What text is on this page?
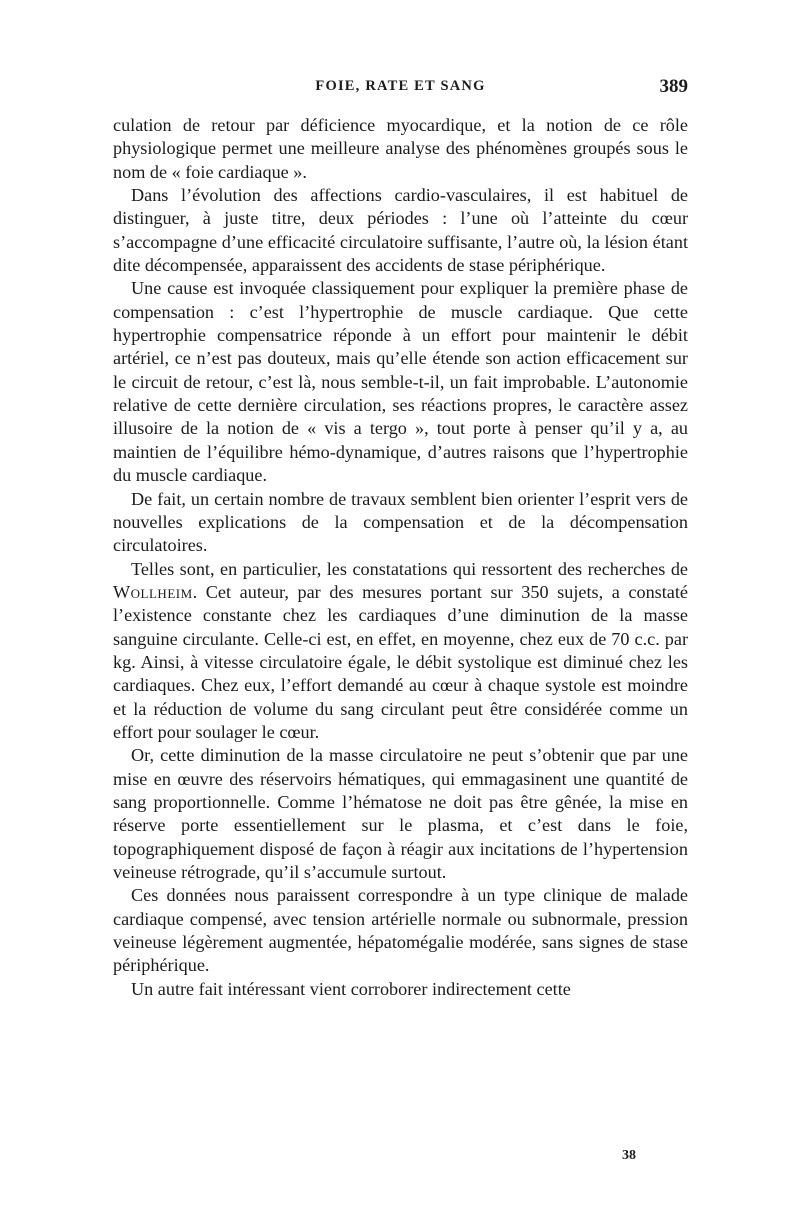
FOIE, RATE ET SANG	389

culation de retour par déficience myocardique, et la notion de ce rôle physiologique permet une meilleure analyse des phénomènes groupés sous le nom de « foie cardiaque ».

Dans l’évolution des affections cardio-vasculaires, il est habituel de distinguer, à juste titre, deux périodes : l’une où l’atteinte du cœur s’accompagne d’une efficacité circulatoire suffisante, l’autre où, la lésion étant dite décompensée, apparaissent des accidents de stase périphérique.

Une cause est invoquée classiquement pour expliquer la première phase de compensation : c’est l’hypertrophie de muscle cardiaque. Que cette hypertrophie compensatrice réponde à un effort pour maintenir le débit artériel, ce n’est pas douteux, mais qu’elle étende son action efficacement sur le circuit de retour, c’est là, nous semble-t-il, un fait improbable. L’autonomie relative de cette dernière circulation, ses réactions propres, le caractère assez illusoire de la notion de « vis a tergo », tout porte à penser qu’il y a, au maintien de l’équilibre hémo-dynamique, d’autres raisons que l’hypertrophie du muscle cardiaque.

De fait, un certain nombre de travaux semblent bien orienter l’esprit vers de nouvelles explications de la compensation et de la décompensation circulatoires.

Telles sont, en particulier, les constatations qui ressortent des recherches de Wollheim. Cet auteur, par des mesures portant sur 350 sujets, a constaté l’existence constante chez les cardiaques d’une diminution de la masse sanguine circulante. Celle-ci est, en effet, en moyenne, chez eux de 70 c.c. par kg. Ainsi, à vitesse circulatoire égale, le débit systolique est diminué chez les cardiaques. Chez eux, l’effort demandé au cœur à chaque systole est moindre et la réduction de volume du sang circulant peut être considérée comme un effort pour soulager le cœur.

Or, cette diminution de la masse circulatoire ne peut s’obtenir que par une mise en œuvre des réservoirs hématiques, qui emmagasinent une quantité de sang proportionnelle. Comme l’hématose ne doit pas être gênée, la mise en réserve porte essentiellement sur le plasma, et c’est dans le foie, topographiquement disposé de façon à réagir aux incitations de l’hypertension veineuse rétrograde, qu’il s’accumule surtout.

Ces données nous paraissent correspondre à un type clinique de malade cardiaque compensé, avec tension artérielle normale ou subnormale, pression veineuse légèrement augmentée, hépatomégalie modérée, sans signes de stase périphérique.

Un autre fait intéressant vient corroborer indirectement cette

38
